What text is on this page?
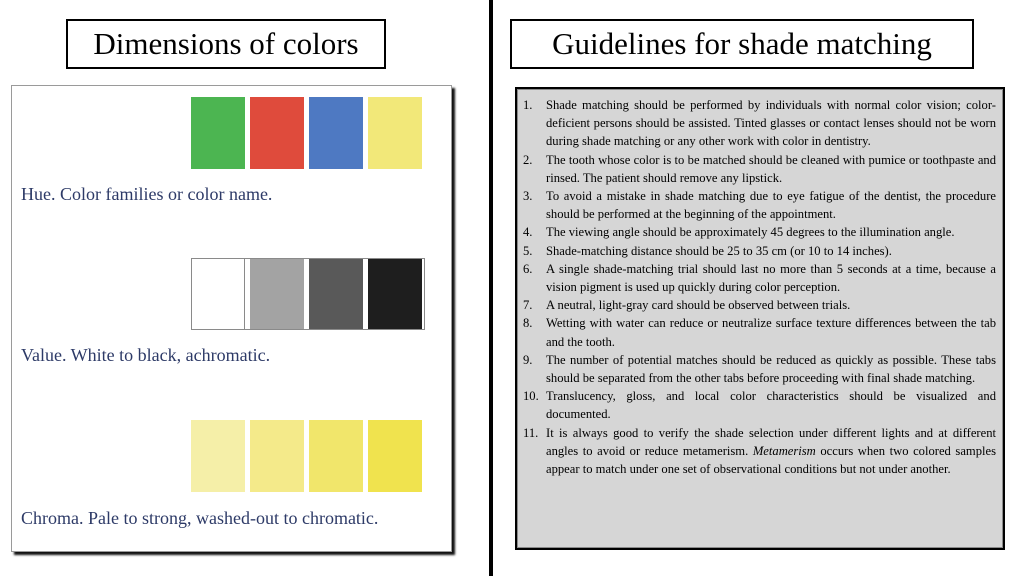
Dimensions of colors	Guidelines for shade matching
Hue. Color families or color name.
Value. White to black, achromatic.
Chroma. Pale to strong, washed-out to chromatic.
1.	Shade matching should be performed by individuals with normal color vision; color-deficient persons should be assisted. Tinted glasses or contact lenses should not be worn during shade matching or any other work with color in dentistry.
2.	The tooth whose color is to be matched should be cleaned with pumice or toothpaste and rinsed. The patient should remove any lipstick.
3.	To avoid a mistake in shade matching due to eye fatigue of the dentist, the procedure should be performed at the beginning of the appointment.
4.	The viewing angle should be approximately 45 degrees to the illumination angle.
5.	Shade-matching distance should be 25 to 35 cm (or 10 to 14 inches).
6.	A single shade-matching trial should last no more than 5 seconds at a time, because a vision pigment is used up quickly during color perception.
7.	A neutral, light-gray card should be observed between trials.
8.	Wetting with water can reduce or neutralize surface texture differences between the tab and the tooth.
9.	The number of potential matches should be reduced as quickly as possible. These tabs should be separated from the other tabs before proceeding with final shade matching.
10. Translucency, gloss, and local color characteristics should be visualized and documented.
11. It is always good to verify the shade selection under different lights and at different angles to avoid or reduce metamerism. Metamerism occurs when two colored samples appear to match under one set of observational conditions but not under another.
